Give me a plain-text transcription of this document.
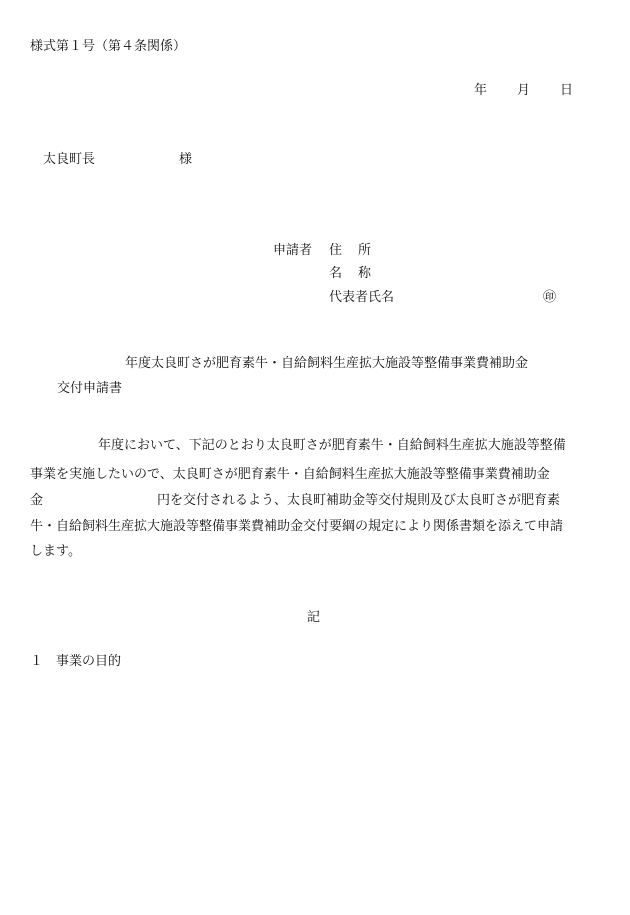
様式第１号（第４条関係）
年 月 日
太良町長	様
申請者 住所
名称
代表者氏名	㊞
年度太良町さが肥育素牛・自給飼料生産拡大施設等整備事業費補助金
交付申請書
年度において、下記のとおり太良町さが肥育素牛・自給飼料生産拡大施設等整備
事業を実施したいので、太良町さが肥育素牛・自給飼料生産拡大施設等整備事業費補助金
金	円を交付されるよう、太良町補助金等交付規則及び太良町さが肥育素
牛・自給飼料生産拡大施設等整備事業費補助金交付要綱の規定により関係書類を添えて申請
します。
記
１ 事業の目的
